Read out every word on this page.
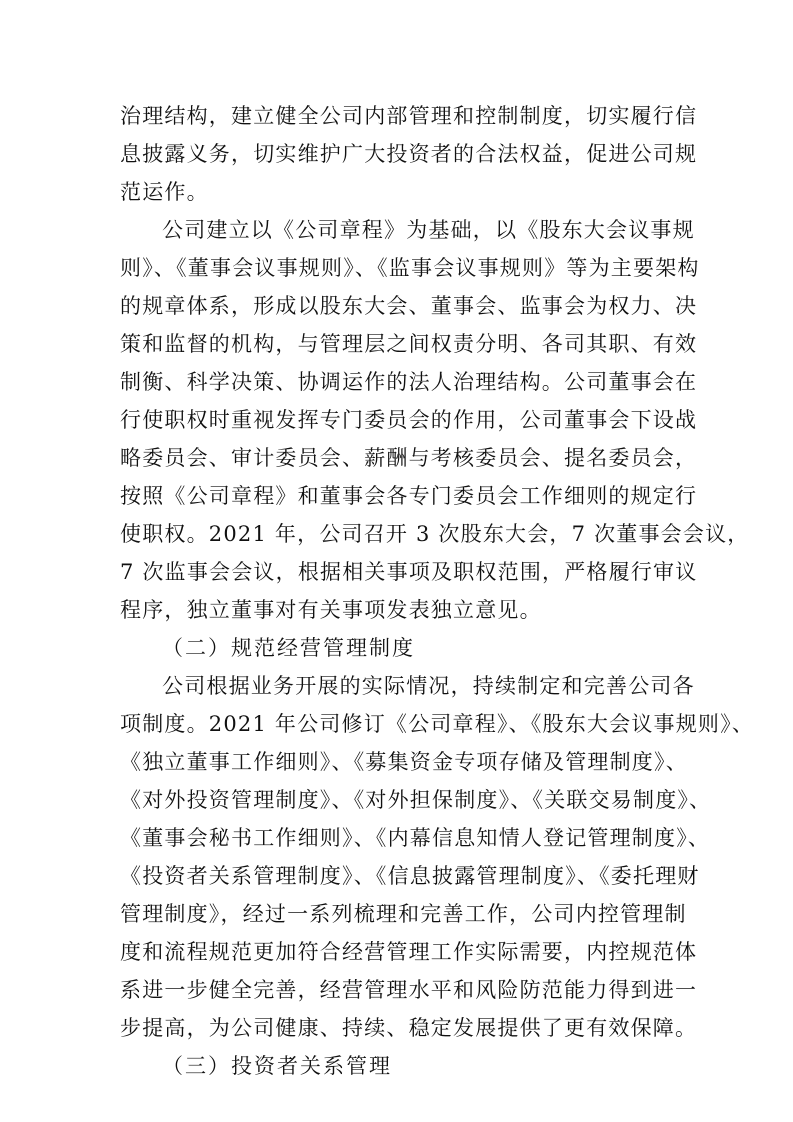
治理结构，建立健全公司内部管理和控制制度，切实履行信
息披露义务，切实维护广大投资者的合法权益，促进公司规
范运作。
公司建立以《公司章程》为基础，以《股东大会议事规
则》、《董事会议事规则》、《监事会议事规则》等为主要架构
的规章体系，形成以股东大会、董事会、监事会为权力、决
策和监督的机构，与管理层之间权责分明、各司其职、有效
制衡、科学决策、协调运作的法人治理结构。公司董事会在
行使职权时重视发挥专门委员会的作用，公司董事会下设战
略委员会、审计委员会、薪酬与考核委员会、提名委员会，
按照《公司章程》和董事会各专门委员会工作细则的规定行
使职权。2021 年，公司召开 3 次股东大会，7 次董事会会议，
7 次监事会会议，根据相关事项及职权范围，严格履行审议
程序，独立董事对有关事项发表独立意见。
（二）规范经营管理制度
公司根据业务开展的实际情况，持续制定和完善公司各
项制度。2021 年公司修订《公司章程》、《股东大会议事规则》、
《独立董事工作细则》、《募集资金专项存储及管理制度》、
《对外投资管理制度》、《对外担保制度》、《关联交易制度》、
《董事会秘书工作细则》、《内幕信息知情人登记管理制度》、
《投资者关系管理制度》、《信息披露管理制度》、《委托理财
管理制度》，经过一系列梳理和完善工作，公司内控管理制
度和流程规范更加符合经营管理工作实际需要，内控规范体
系进一步健全完善，经营管理水平和风险防范能力得到进一
步提高，为公司健康、持续、稳定发展提供了更有效保障。
（三）投资者关系管理
